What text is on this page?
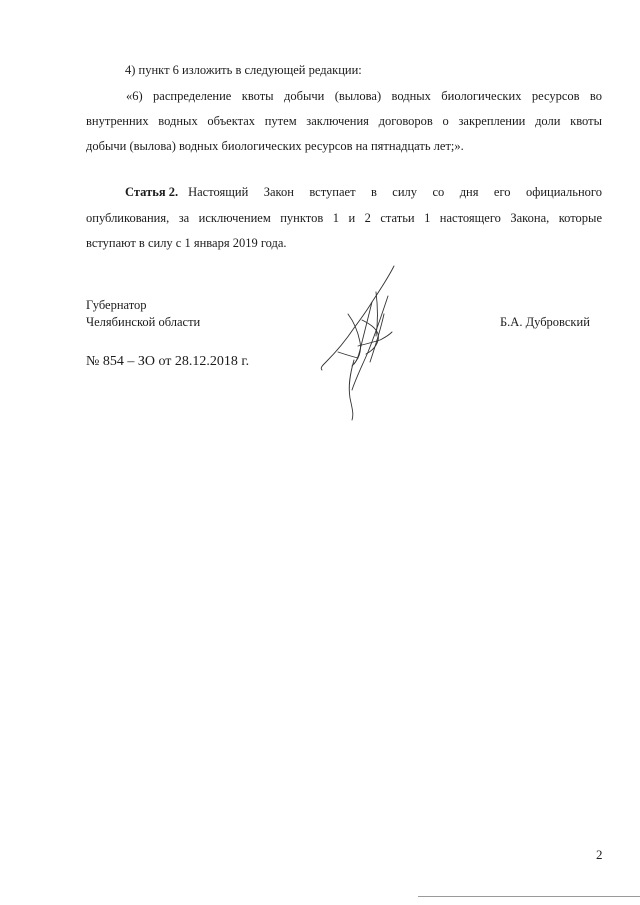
4) пункт 6 изложить в следующей редакции:
«6) распределение квоты добычи (вылова) водных биологических ресурсов во
внутренних водных объектах путем заключения договоров о закреплении доли квоты
добычи (вылова) водных биологических ресурсов на пятнадцать лет;».
Статья 2. Настоящий Закон вступает в силу со дня его официального
опубликования, за исключением пунктов 1 и 2 статьи 1 настоящего Закона, которые
вступают в силу с 1 января 2019 года.
Губернатор
Челябинской области	Б.А. Дубровский
№ 854 – ЗО от 28.12.2018 г.
2
